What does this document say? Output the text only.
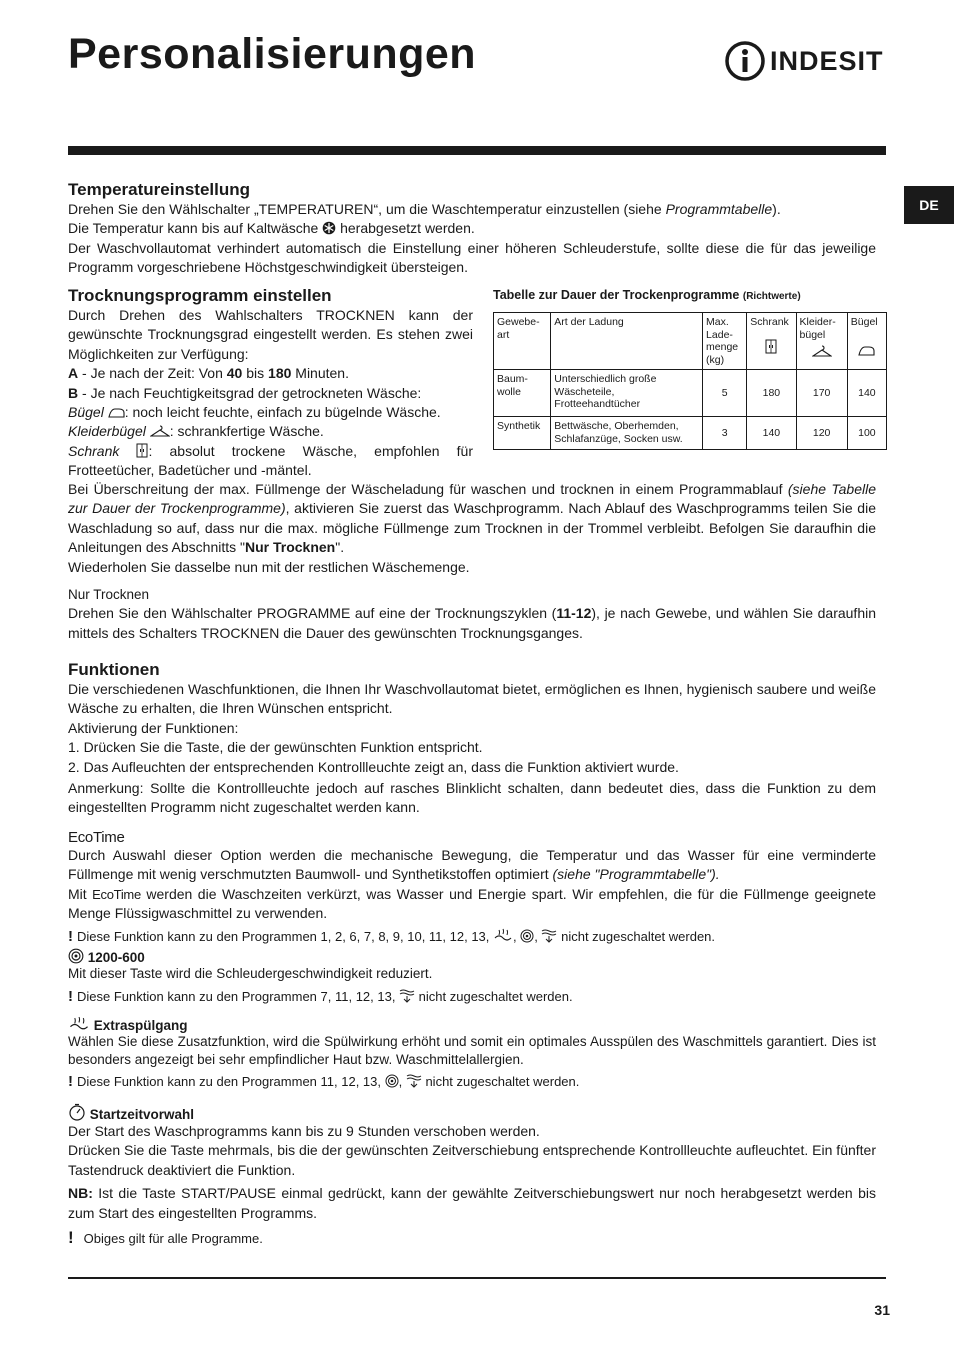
Personalisierungen	INDESIT
DE
Temperatureinstellung

Drehen Sie den Wählschalter „TEMPERATUREN“, um die Waschtemperatur einzustellen (siehe Programmtabelle).

Die Temperatur kann bis auf Kaltwäsche  herabgesetzt werden.

Der Waschvollautomat verhindert automatisch die Einstellung einer höheren Schleuderstufe, sollte diese die für das jeweilige Programm vorgeschriebene Höchstgeschwindigkeit übersteigen.

Trocknungsprogramm einstellen

Durch Drehen des Wahlschalters TROCKNEN kann der gewünschte Trocknungsgrad eingestellt werden. Es stehen zwei Möglichkeiten zur Verfügung:

A - Je nach der Zeit: Von 40 bis 180 Minuten.

B - Je nach Feuchtigkeitsgrad der getrockneten Wäsche:

Bügel : noch leicht feuchte, einfach zu bügelnde Wäsche.

Kleiderbügel : schrankfertige Wäsche.

Schrank : absolut trockene Wäsche, empfohlen für Frotteetücher, Badetücher und -mäntel.

Tabelle zur Dauer der Trockenprogramme (Richtwerte)
Gewebe-art	Art der Ladung	Max. Lade-menge (kg)	Schrank	Kleider-bügel	Bügel

Baum-wolle	Unterschiedlich große Wäscheteile, Frotteehandtücher	5	180	170	140
Synthetik	Bettwäsche, Oberhemden, Schlafanzüge, Socken usw.	3	140	120	100

Bei Überschreitung der max. Füllmenge der Wäscheladung für waschen und trocknen in einem Programmablauf (siehe Tabelle zur Dauer der Trockenprogramme), aktivieren Sie zuerst das Waschprogramm. Nach Ablauf des Waschprogramms teilen Sie die Waschladung so auf, dass nur die max. mögliche Füllmenge zum Trocknen in der Trommel verbleibt. Befolgen Sie daraufhin die Anleitungen des Abschnitts "Nur Trocknen".

Wiederholen Sie dasselbe nun mit der restlichen Wäschemenge.

Nur Trocknen

Drehen Sie den Wählschalter PROGRAMME auf eine der Trocknungszyklen (11-12), je nach Gewebe, und wählen Sie daraufhin mittels des Schalters TROCKNEN die Dauer des gewünschten Trocknungsganges.

Funktionen

Die verschiedenen Waschfunktionen, die Ihnen Ihr Waschvollautomat bietet, ermöglichen es Ihnen, hygienisch saubere und weiße Wäsche zu erhalten, die Ihren Wünschen entspricht.

Aktivierung der Funktionen:

1. Drücken Sie die Taste, die der gewünschten Funktion entspricht.

2. Das Aufleuchten der entsprechenden Kontrollleuchte zeigt an, dass die Funktion aktiviert wurde.

Anmerkung: Sollte die Kontrollleuchte jedoch auf rasches Blinklicht schalten, dann bedeutet dies, dass die Funktion zu dem eingestellten Programm nicht zugeschaltet werden kann.

EcoTime

Durch Auswahl dieser Option werden die mechanische Bewegung, die Temperatur und das Wasser für eine verminderte Füllmenge mit wenig verschmutzten Baumwoll- und Synthetikstoffen optimiert (siehe "Programmtabelle").

Mit EcoTime werden die Waschzeiten verkürzt, was Wasser und Energie spart. Wir empfehlen, die für die Füllmenge geeignete Menge Flüssigwaschmittel zu verwenden.

! Diese Funktion kann zu den Programmen 1, 2, 6, 7, 8, 9, 10, 11, 12, 13, , ,  nicht zugeschaltet werden.

1200-600

Mit dieser Taste wird die Schleudergeschwindigkeit reduziert.

! Diese Funktion kann zu den Programmen 7, 11, 12, 13,  nicht zugeschaltet werden.

Extraspülgang

Wählen Sie diese Zusatzfunktion, wird die Spülwirkung erhöht und somit ein optimales Ausspülen des Waschmittels garantiert. Dies ist besonders angezeigt bei sehr empfindlicher Haut bzw. Waschmittelallergien.

! Diese Funktion kann zu den Programmen 11, 12, 13, ,  nicht zugeschaltet werden.

Startzeitvorwahl

Der Start des Waschprogramms kann bis zu 9 Stunden verschoben werden.

Drücken Sie die Taste mehrmals, bis die der gewünschten Zeitverschiebung entsprechende Kontrollleuchte aufleuchtet. Ein fünfter Tastendruck deaktiviert die Funktion.

NB: Ist die Taste START/PAUSE einmal gedrückt, kann der gewählte Zeitverschiebungswert nur noch herabgesetzt werden bis zum Start des eingestellten Programms.

! Obiges gilt für alle Programme.

31
